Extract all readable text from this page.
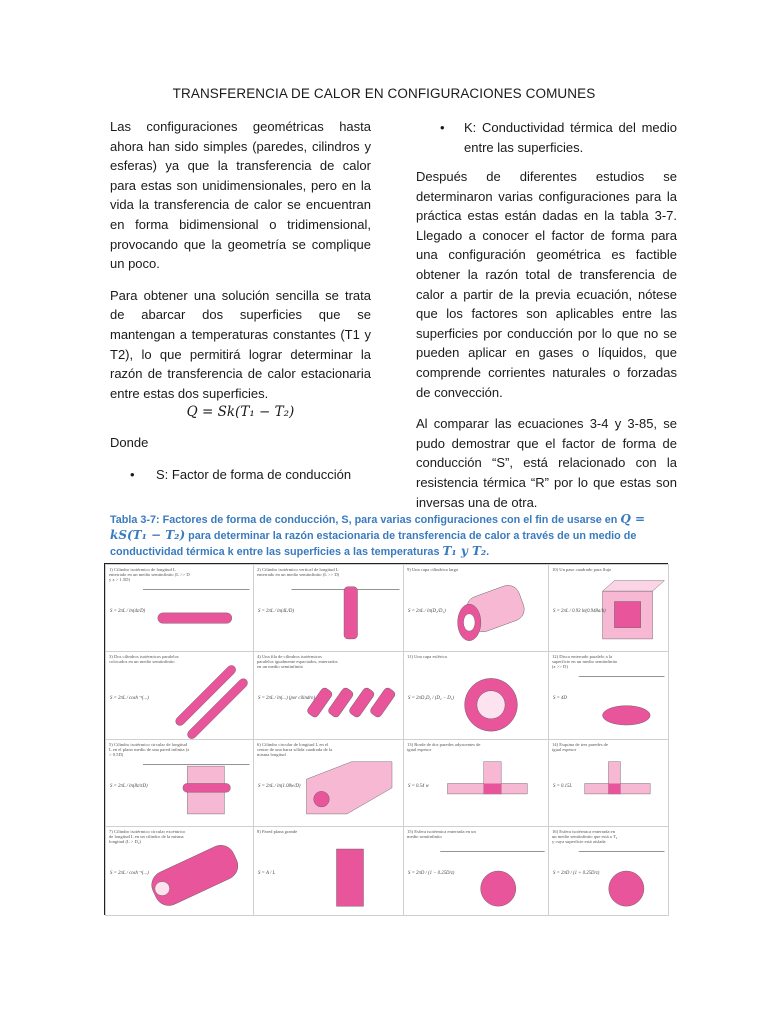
TRANSFERENCIA DE CALOR EN CONFIGURACIONES COMUNES

Las configuraciones geométricas hasta ahora han sido simples (paredes, cilindros y esferas) ya que la transferencia de calor para estas son unidimensionales, pero en la vida la transferencia de calor se encuentran en forma bidimensional o tridimensional, provocando que la geometría se complique un poco.

Para obtener una solución sencilla se trata de abarcar dos superficies que se mantengan a temperaturas constantes (T1 y T2), lo que permitirá lograr determinar la razón de transferencia de calor estacionaria entre estas dos superficies.

Q = Sk(T₁ − T₂)
Donde
• S: Factor de forma de conducción
•	K: Conductividad térmica del medio entre las superficies.

Después de diferentes estudios se determinaron varias configuraciones para la práctica estas están dadas en la tabla 3-7. Llegado a conocer el factor de forma para una configuración geométrica es factible obtener la razón total de transferencia de calor a partir de la previa ecuación, nótese que los factores son aplicables entre las superficies por conducción por lo que no se pueden aplicar en gases o líquidos, que comprende corrientes naturales o forzadas de convección.

Al comparar las ecuaciones 3-4 y 3-85, se pudo demostrar que el factor de forma de conducción “S”, está relacionado con la resistencia térmica “R” por lo que estas son inversas una de otra.

Tabla 3-7: Factores de forma de conducción, S, para varias configuraciones con el fin de usarse en Q = kS(T₁ − T₂) para determinar la razón estacionaria de transferencia de calor a través de un medio de conductividad térmica k entre las superficies a las temperaturas T₁ y T₂.
1) Cilindro isotérmico de longitud L enterrado en un medio semiinfinito (L >> D y z > 1.5D)
S = 2πL / ln(4z/D)
2) Cilindro isotérmico vertical de longitud L enterrado en un medio semiinfinito (L >> D)
S = 2πL / ln(4L/D)
9) Una capa cilíndrica larga
S = 2πL / ln(D₂/D₁)
10) Un paso cuadrado para flujo
S = 2πL / 0.93 ln(0.948a/b)
3) Dos cilindros isotérmicos paralelos colocados en un medio semiinfinito
S = 2πL / cosh⁻¹(...)
4) Una fila de cilindros isotérmicos paralelos igualmente espaciados, enterrados en un medio semiinfinito
S = 2πL / ln(...) (por cilindro)
11) Una capa esférica
S = 2πD₁D₂ / (D₂ − D₁)
12) Disco enterrado paralelo a la superficie en un medio semiinfinito (z >> D)
S = 4D
5) Cilindro isotérmico circular de longitud L en el plano medio de una pared infinita (z > 0.5D)
S = 2πL / ln(8z/πD)
6) Cilindro circular de longitud L en el centro de una barra sólida cuadrada de la misma longitud
S = 2πL / ln(1.08w/D)
13) Borde de dos paredes adyacentes de igual espesor
S = 0.54 w
14) Esquina de tres paredes de igual espesor
S = 0.15L
7) Cilindro isotérmico circular excéntrico de longitud L en un cilindro de la misma longitud (L > D₂)
S = 2πL / cosh⁻¹(...)
8) Pared plana grande
S = A / L
15) Esfera isotérmica enterrada en un medio semiinfinito
S = 2πD / (1 − 0.25D/z)
16) Esfera isotérmica enterrada en un medio semiinfinito que está a T₂ y cuya superficie está aislada
S = 2πD / (1 + 0.25D/z)
